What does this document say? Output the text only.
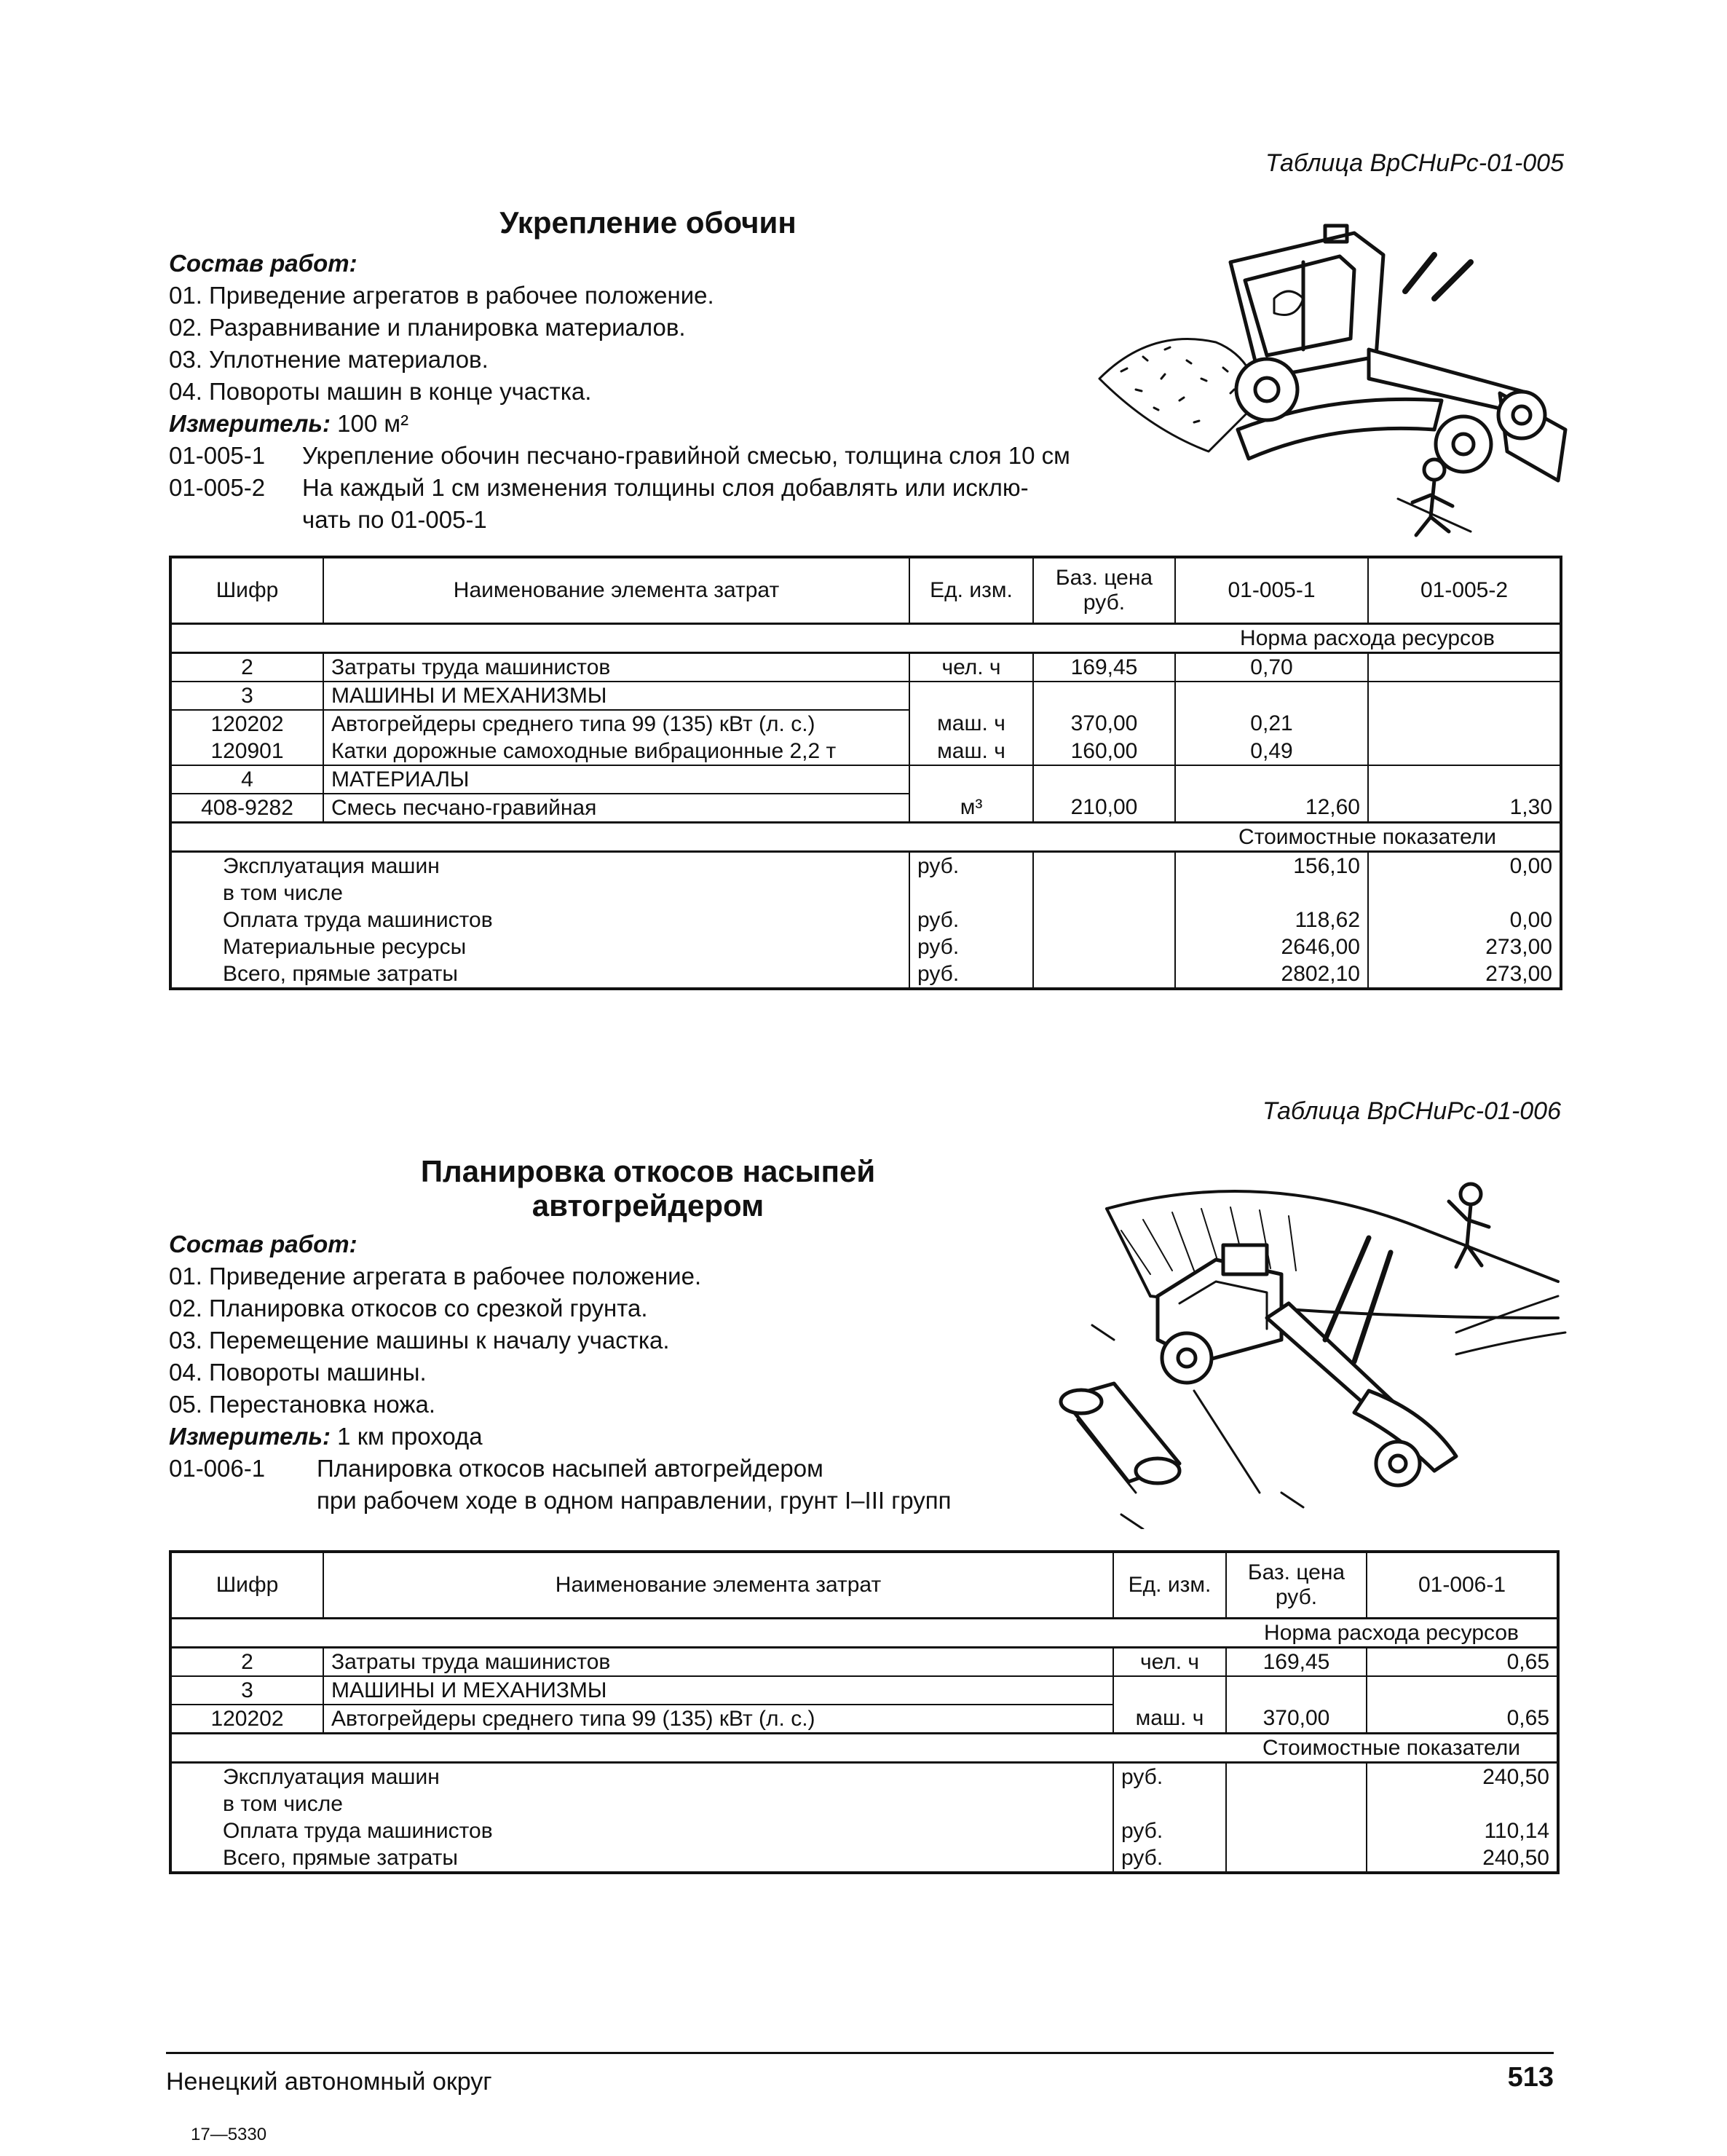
Таблица ВрСНиРс-01-005
Укрепление обочин
Состав работ:
01. Приведение агрегатов в рабочее положение.
02. Разравнивание и планировка материалов.
03. Уплотнение материалов.
04. Повороты машин в конце участка.
Измеритель: 100 м²
01-005-1 Укрепление обочин песчано-гравийной смесью, толщина слоя 10 см
01-005-2 На каждый 1 см изменения толщины слоя добавлять или исклю-
чать по 01-005-1
Шифр	Наименование элемента затрат	Ед. изм.	Баз. цена руб.	01-005-1	01-005-2
				Норма расхода ресурсов	
2	Затраты труда машинистов	чел. ч	169,45	0,70	
3	МАШИНЫ И МЕХАНИЗМЫ				
120202	Автогрейдеры среднего типа 99 (135) кВт (л. с.)	маш. ч	370,00	0,21	
120901	Катки дорожные самоходные вибрационные 2,2 т	маш. ч	160,00	0,49	
4	МАТЕРИАЛЫ				
408-9282	Смесь песчано-гравийная	м³	210,00	12,60	1,30
				Стоимостные показатели	
Эксплуатация машин		руб.		156,10	0,00
в том числе					
Оплата труда машинистов		руб.		118,62	0,00
Материальные ресурсы		руб.		2646,00	273,00
Всего, прямые затраты		руб.		2802,10	273,00
Таблица ВрСНиРс-01-006
Планировка откосов насыпей
автогрейдером
Состав работ:
01. Приведение агрегата в рабочее положение.
02. Планировка откосов со срезкой грунта.
03. Перемещение машины к началу участка.
04. Повороты машины.
05. Перестановка ножа.
Измеритель: 1 км прохода
01-006-1 Планировка откосов насыпей автогрейдером
при рабочем ходе в одном направлении, грунт I–III групп
Шифр	Наименование элемента затрат	Ед. изм.	Баз. цена руб.	01-006-1
			Норма расхода ресурсов	
2	Затраты труда машинистов	чел. ч	169,45	0,65
3	МАШИНЫ И МЕХАНИЗМЫ			
120202	Автогрейдеры среднего типа 99 (135) кВт (л. с.)	маш. ч	370,00	0,65
			Стоимостные показатели	
Эксплуатация машин		руб.		240,50
в том числе				
Оплата труда машинистов		руб.		110,14
Всего, прямые затраты		руб.		240,50
Ненецкий автономный округ	513
17—5330
